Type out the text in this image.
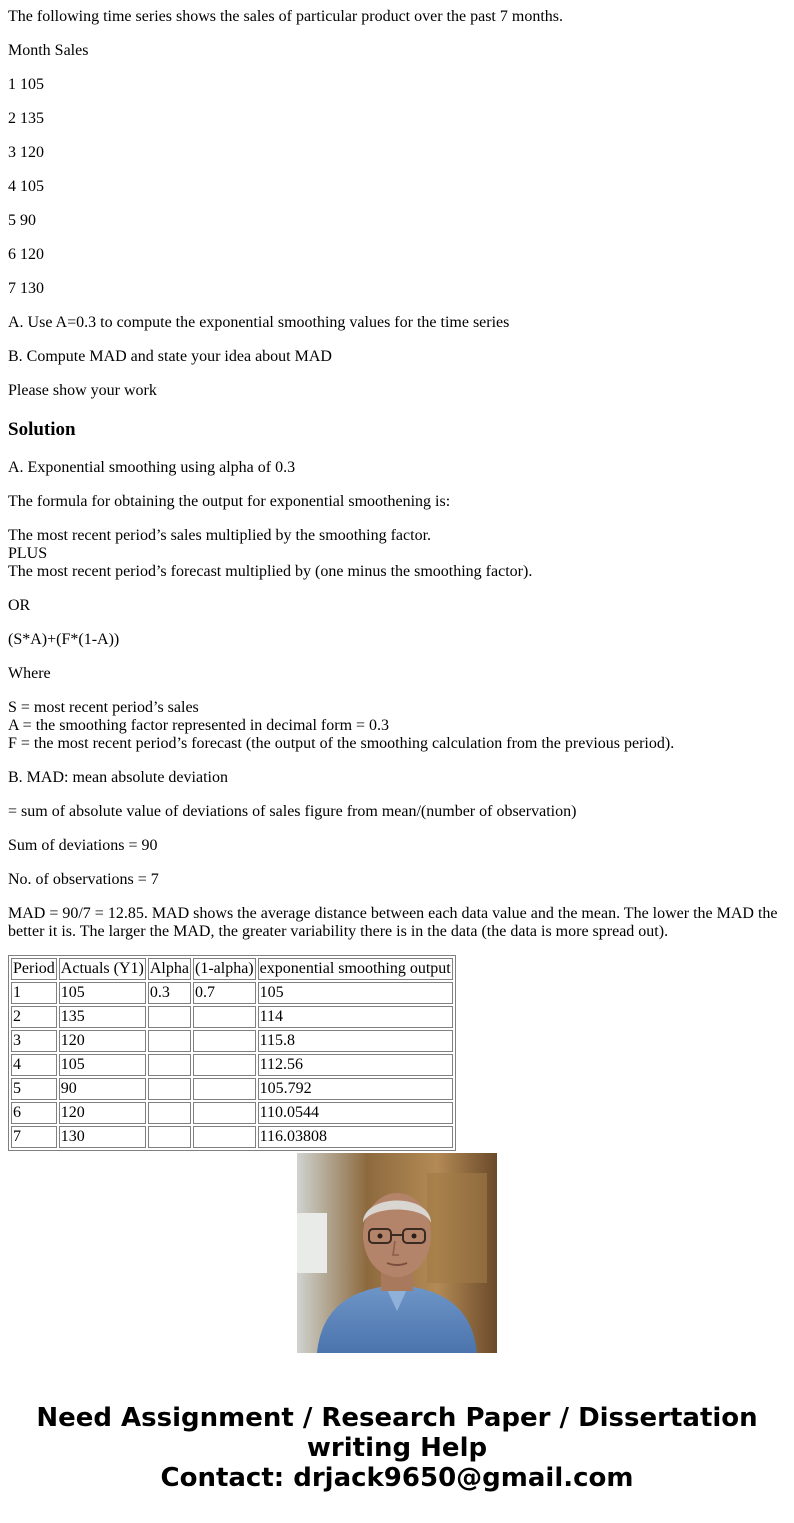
The following time series shows the sales of particular product over the past 7 months.

Month Sales

1 105

2 135

3 120

4 105

5 90

6 120

7 130

A. Use A=0.3 to compute the exponential smoothing values for the time series

B. Compute MAD and state your idea about MAD

Please show your work

Solution

A. Exponential smoothing using alpha of 0.3

The formula for obtaining the output for exponential smoothening is:

The most recent period’s sales multiplied by the smoothing factor.
PLUS
The most recent period’s forecast multiplied by (one minus the smoothing factor).

OR

(S*A)+(F*(1-A))

Where

S = most recent period’s sales
A = the smoothing factor represented in decimal form = 0.3
F = the most recent period’s forecast (the output of the smoothing calculation from the previous period).

B. MAD: mean absolute deviation

= sum of absolute value of deviations of sales figure from mean/(number of observation)

Sum of deviations = 90

No. of observations = 7

MAD = 90/7 = 12.85. MAD shows the average distance between each data value and the mean. The lower the MAD the better it is. The larger the MAD, the greater variability there is in the data (the data is more spread out).

Period	Actuals (Y1)	Alpha	(1-alpha)	exponential smoothing output
1	105	0.3	0.7	105
2	135			114
3	120			115.8
4	105			112.56
5	90			105.792
6	120			110.0544
7	130			116.03808
Need Assignment / Research Paper / Dissertation
writing Help
Contact: drjack9650@gmail.com
